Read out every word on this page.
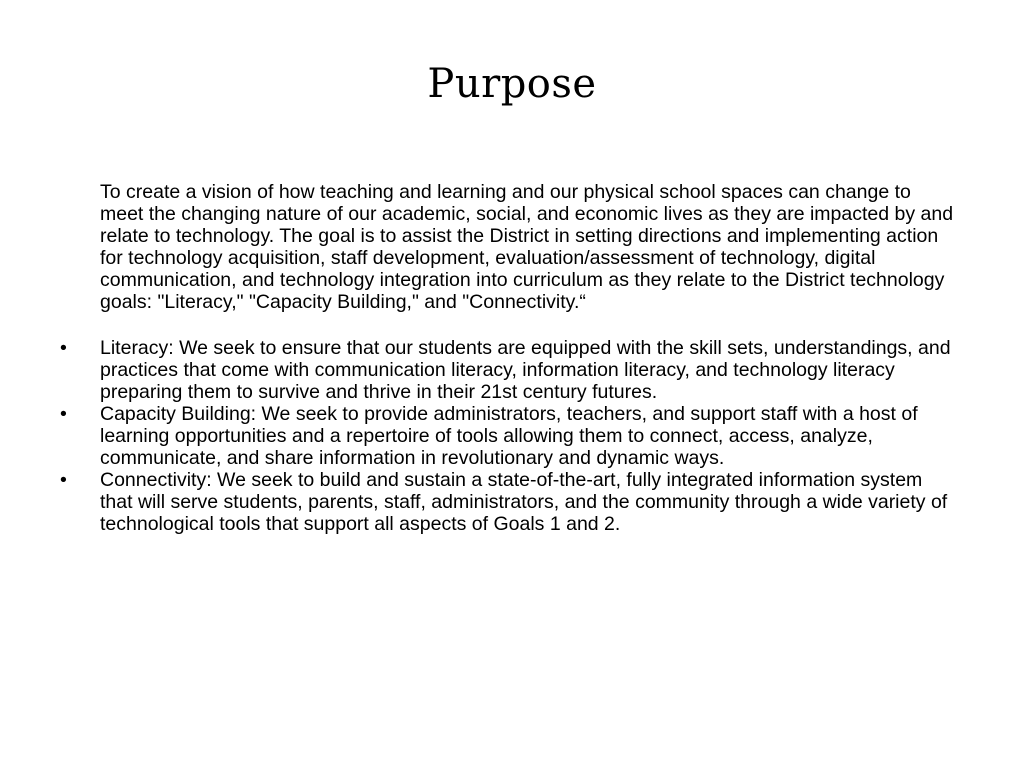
Purpose

To create a vision of how teaching and learning and our physical school spaces can change to meet the changing nature of our academic, social, and economic lives as they are impacted by and relate to technology. The goal is to assist the District in setting directions and implementing action for technology acquisition, staff development, evaluation/assessment of technology, digital communication, and technology integration into curriculum as they relate to the District technology goals: "Literacy," "Capacity Building," and "Connectivity.“

• Literacy: We seek to ensure that our students are equipped with the skill sets, understandings, and practices that come with communication literacy, information literacy, and technology literacy preparing them to survive and thrive in their 21st century futures.
• Capacity Building: We seek to provide administrators, teachers, and support staff with a host of learning opportunities and a repertoire of tools allowing them to connect, access, analyze, communicate, and share information in revolutionary and dynamic ways.
• Connectivity: We seek to build and sustain a state-of-the-art, fully integrated information system that will serve students, parents, staff, administrators, and the community through a wide variety of technological tools that support all aspects of Goals 1 and 2.
